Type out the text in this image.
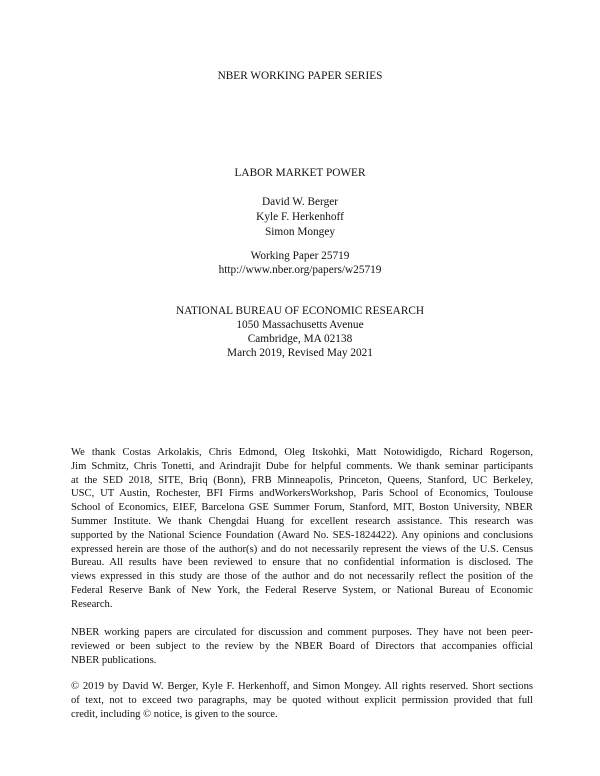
NBER WORKING PAPER SERIES
LABOR MARKET POWER
David W. Berger
Kyle F. Herkenhoff
Simon Mongey
Working Paper 25719
http://www.nber.org/papers/w25719
NATIONAL BUREAU OF ECONOMIC RESEARCH
1050 Massachusetts Avenue
Cambridge, MA 02138
March 2019, Revised May 2021
We thank Costas Arkolakis, Chris Edmond, Oleg Itskohki, Matt Notowidigdo, Richard Rogerson,
Jim Schmitz, Chris Tonetti, and Arindrajit Dube for helpful comments. We thank seminar participants
at the SED 2018, SITE, Briq (Bonn), FRB Minneapolis, Princeton, Queens, Stanford, UC Berkeley,
USC, UT Austin, Rochester, BFI Firms andWorkersWorkshop, Paris School of Economics, Toulouse
School of Economics, EIEF, Barcelona GSE Summer Forum, Stanford, MIT, Boston University, NBER
Summer Institute. We thank Chengdai Huang for excellent research assistance. This research was
supported by the National Science Foundation (Award No. SES-1824422). Any opinions and conclusions
expressed herein are those of the author(s) and do not necessarily represent the views of the U.S. Census
Bureau. All results have been reviewed to ensure that no confidential information is disclosed. The
views expressed in this study are those of the author and do not necessarily reflect the position of the
Federal Reserve Bank of New York, the Federal Reserve System, or National Bureau of Economic
Research.
NBER working papers are circulated for discussion and comment purposes. They have not been peer-
reviewed or been subject to the review by the NBER Board of Directors that accompanies official
NBER publications.
© 2019 by David W. Berger, Kyle F. Herkenhoff, and Simon Mongey. All rights reserved. Short sections
of text, not to exceed two paragraphs, may be quoted without explicit permission provided that full
credit, including © notice, is given to the source.
